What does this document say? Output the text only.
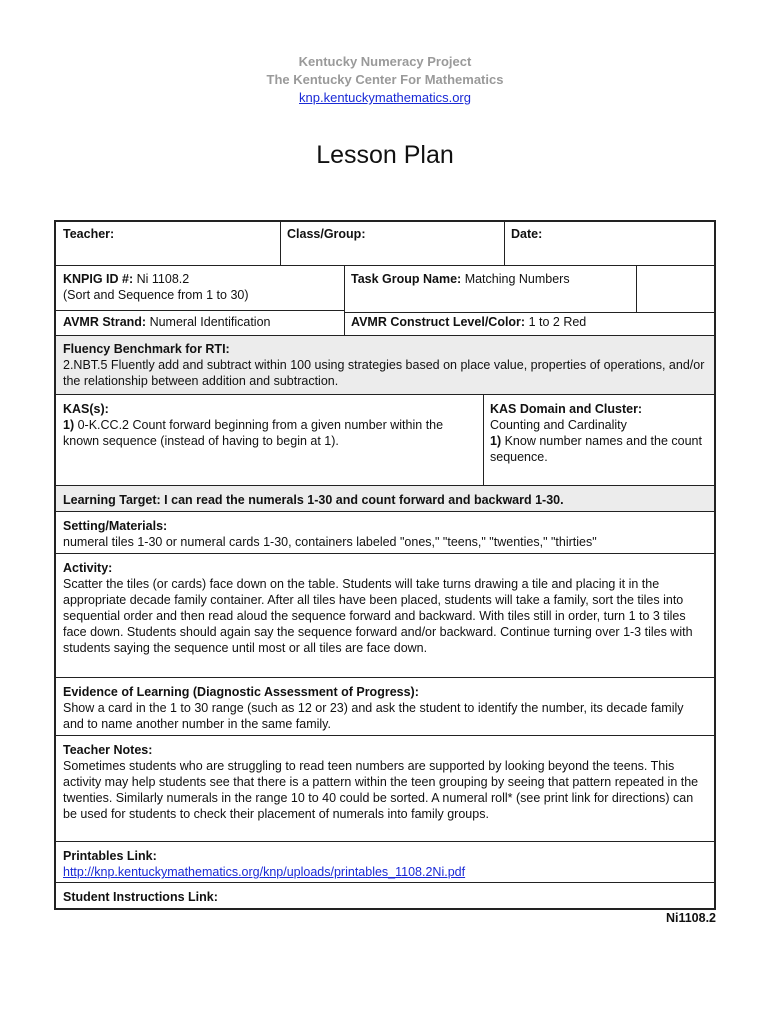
Kentucky Numeracy Project
The Kentucky Center For Mathematics
knp.kentuckymathematics.org
Lesson Plan
Teacher:	Class/Group:	Date:
KNPIG ID #: Ni 1108.2
(Sort and Sequence from 1 to 30)
Task Group Name: Matching Numbers
AVMR Strand: Numeral Identification	AVMR Construct Level/Color: 1 to 2 Red
Fluency Benchmark for RTI:
2.NBT.5 Fluently add and subtract within 100 using strategies based on place value, properties of operations, and/or the relationship between addition and subtraction.
KAS(s):
1) 0-K.CC.2 Count forward beginning from a given number within the known sequence (instead of having to begin at 1).
KAS Domain and Cluster:
Counting and Cardinality
1) Know number names and the count sequence.
Learning Target: I can read the numerals 1-30 and count forward and backward 1-30.
Setting/Materials:
numeral tiles 1-30 or numeral cards 1-30, containers labeled "ones," "teens," "twenties," "thirties"
Activity:
Scatter the tiles (or cards) face down on the table. Students will take turns drawing a tile and placing it in the appropriate decade family container. After all tiles have been placed, students will take a family, sort the tiles into sequential order and then read aloud the sequence forward and backward. With tiles still in order, turn 1 to 3 tiles face down. Students should again say the sequence forward and/or backward. Continue turning over 1-3 tiles with students saying the sequence until most or all tiles are face down.
Evidence of Learning (Diagnostic Assessment of Progress):
Show a card in the 1 to 30 range (such as 12 or 23) and ask the student to identify the number, its decade family and to name another number in the same family.
Teacher Notes:
Sometimes students who are struggling to read teen numbers are supported by looking beyond the teens. This activity may help students see that there is a pattern within the teen grouping by seeing that pattern repeated in the twenties. Similarly numerals in the range 10 to 40 could be sorted. A numeral roll* (see print link for directions) can be used for students to check their placement of numerals into family groups.
Printables Link:
http://knp.kentuckymathematics.org/knp/uploads/printables_1108.2Ni.pdf
Student Instructions Link:
Ni1108.2
